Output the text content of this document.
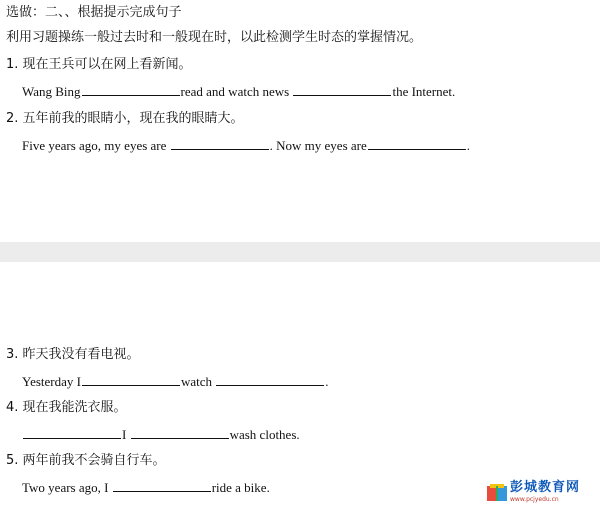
选做：二、、根据提示完成句子
利用习题操练一般过去时和一般现在时，以此检测学生时态的掌握情况。
1. 现在王兵可以在网上看新闻。
Wang Bing	read and watch news	the Internet.
2. 五年前我的眼睛小，现在我的眼睛大。
Five years ago, my eyes are	. Now my eyes are	.
3. 昨天我没有看电视。
Yesterday I	watch	.
4. 现在我能洗衣服。
I	wash clothes.
5. 两年前我不会骑自行车。
Two years ago, I	ride a bike.	彭城教育网
www.pcjyedu.cn
